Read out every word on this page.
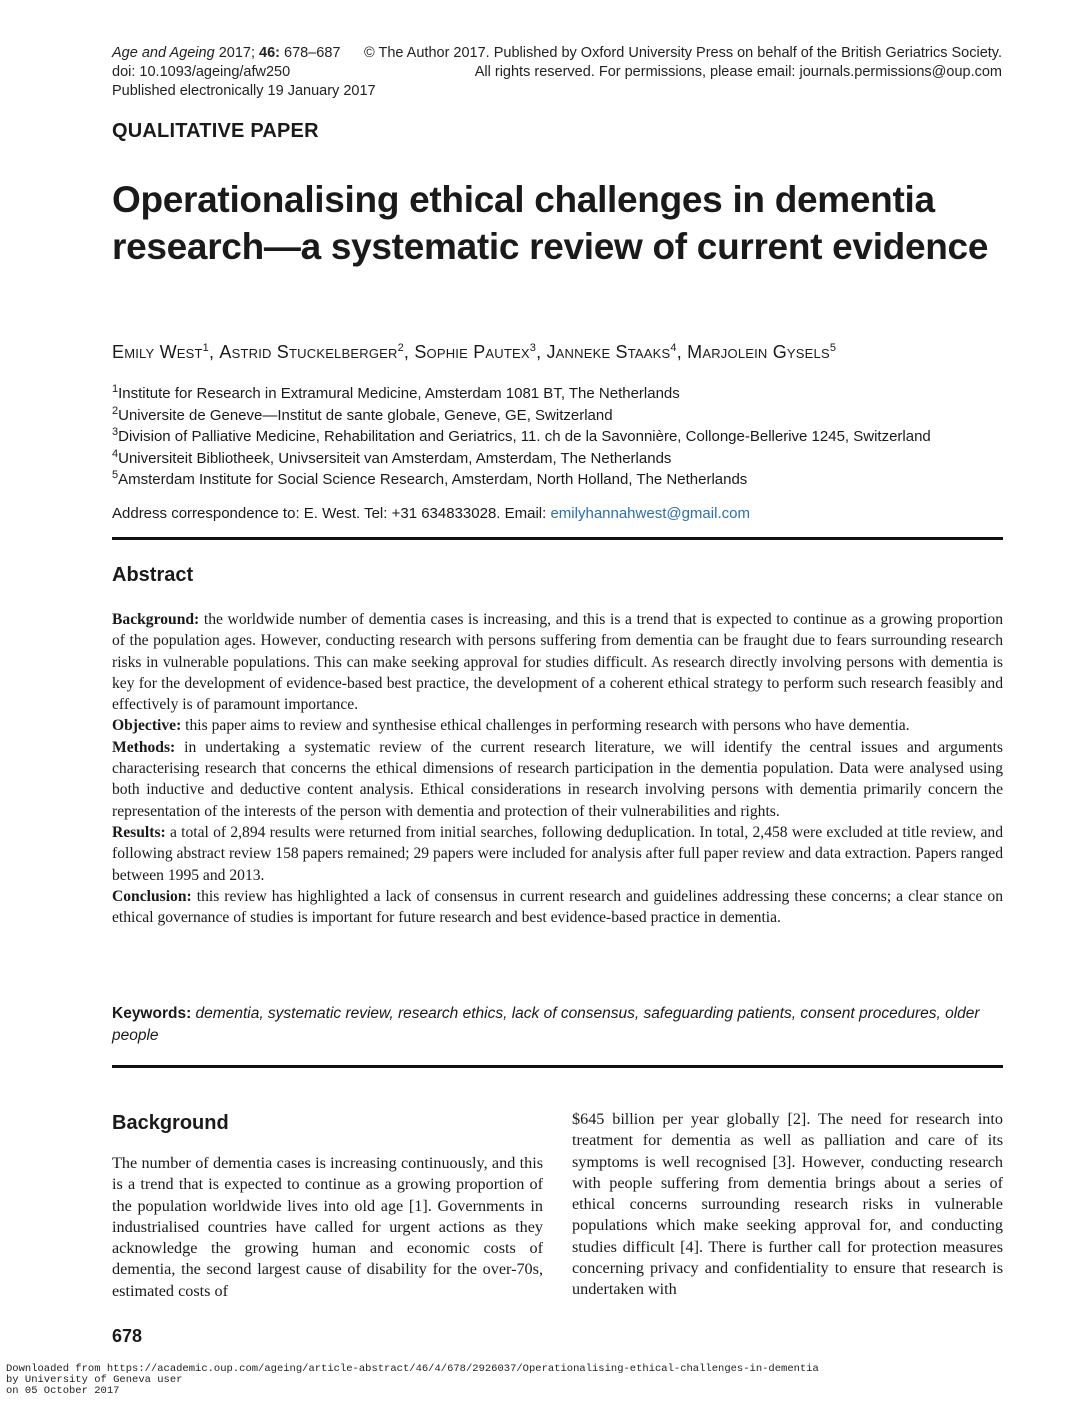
Age and Ageing 2017; 46: 678–687
doi: 10.1093/ageing/afw250
Published electronically 19 January 2017
© The Author 2017. Published by Oxford University Press on behalf of the British Geriatrics Society.
All rights reserved. For permissions, please email: journals.permissions@oup.com
QUALITATIVE PAPER
Operationalising ethical challenges in dementia research—a systematic review of current evidence
Emily West$^1$, Astrid Stuckelberger$^2$, Sophie Pautex$^3$, Janneke Staaks$^4$, Marjolein Gysels$^5$
$^1$Institute for Research in Extramural Medicine, Amsterdam 1081 BT, The Netherlands
$^2$Universite de Geneve—Institut de sante globale, Geneve, GE, Switzerland
$^3$Division of Palliative Medicine, Rehabilitation and Geriatrics, 11. ch de la Savonnière, Collonge-Bellerive 1245, Switzerland
$^4$Universiteit Bibliotheek, Univsersiteit van Amsterdam, Amsterdam, The Netherlands
$^5$Amsterdam Institute for Social Science Research, Amsterdam, North Holland, The Netherlands
Address correspondence to: E. West. Tel: +31 634833028. Email: emilyhannahwest@gmail.com
Abstract

Background: the worldwide number of dementia cases is increasing, and this is a trend that is expected to continue as a growing proportion of the population ages. However, conducting research with persons suffering from dementia can be fraught due to fears surrounding research risks in vulnerable populations. This can make seeking approval for studies difficult. As research directly involving persons with dementia is key for the development of evidence-based best practice, the development of a coherent ethical strategy to perform such research feasibly and effectively is of paramount importance.

Objective: this paper aims to review and synthesise ethical challenges in performing research with persons who have dementia.

Methods: in undertaking a systematic review of the current research literature, we will identify the central issues and arguments characterising research that concerns the ethical dimensions of research participation in the dementia population. Data were analysed using both inductive and deductive content analysis. Ethical considerations in research involving persons with dementia primarily concern the representation of the interests of the person with dementia and protection of their vulnerabilities and rights.

Results: a total of 2,894 results were returned from initial searches, following deduplication. In total, 2,458 were excluded at title review, and following abstract review 158 papers remained; 29 papers were included for analysis after full paper review and data extraction. Papers ranged between 1995 and 2013.

Conclusion: this review has highlighted a lack of consensus in current research and guidelines addressing these concerns; a clear stance on ethical governance of studies is important for future research and best evidence-based practice in dementia.

Keywords: dementia, systematic review, research ethics, lack of consensus, safeguarding patients, consent procedures, older people
Background

The number of dementia cases is increasing continuously, and this is a trend that is expected to continue as a growing proportion of the population worldwide lives into old age [1]. Governments in industrialised countries have called for urgent actions as they acknowledge the growing human and economic costs of dementia, the second largest cause of disability for the over-70s, estimated costs of

$645 billion per year globally [2]. The need for research into treatment for dementia as well as palliation and care of its symptoms is well recognised [3]. However, conducting research with people suffering from dementia brings about a series of ethical concerns surrounding research risks in vulnerable populations which make seeking approval for, and conducting studies difficult [4]. There is further call for protection measures concerning privacy and confidentiality to ensure that research is undertaken with

678
Downloaded from https://academic.oup.com/ageing/article-abstract/46/4/678/2926037/Operationalising-ethical-challenges-in-dementia
by University of Geneva user
on 05 October 2017
